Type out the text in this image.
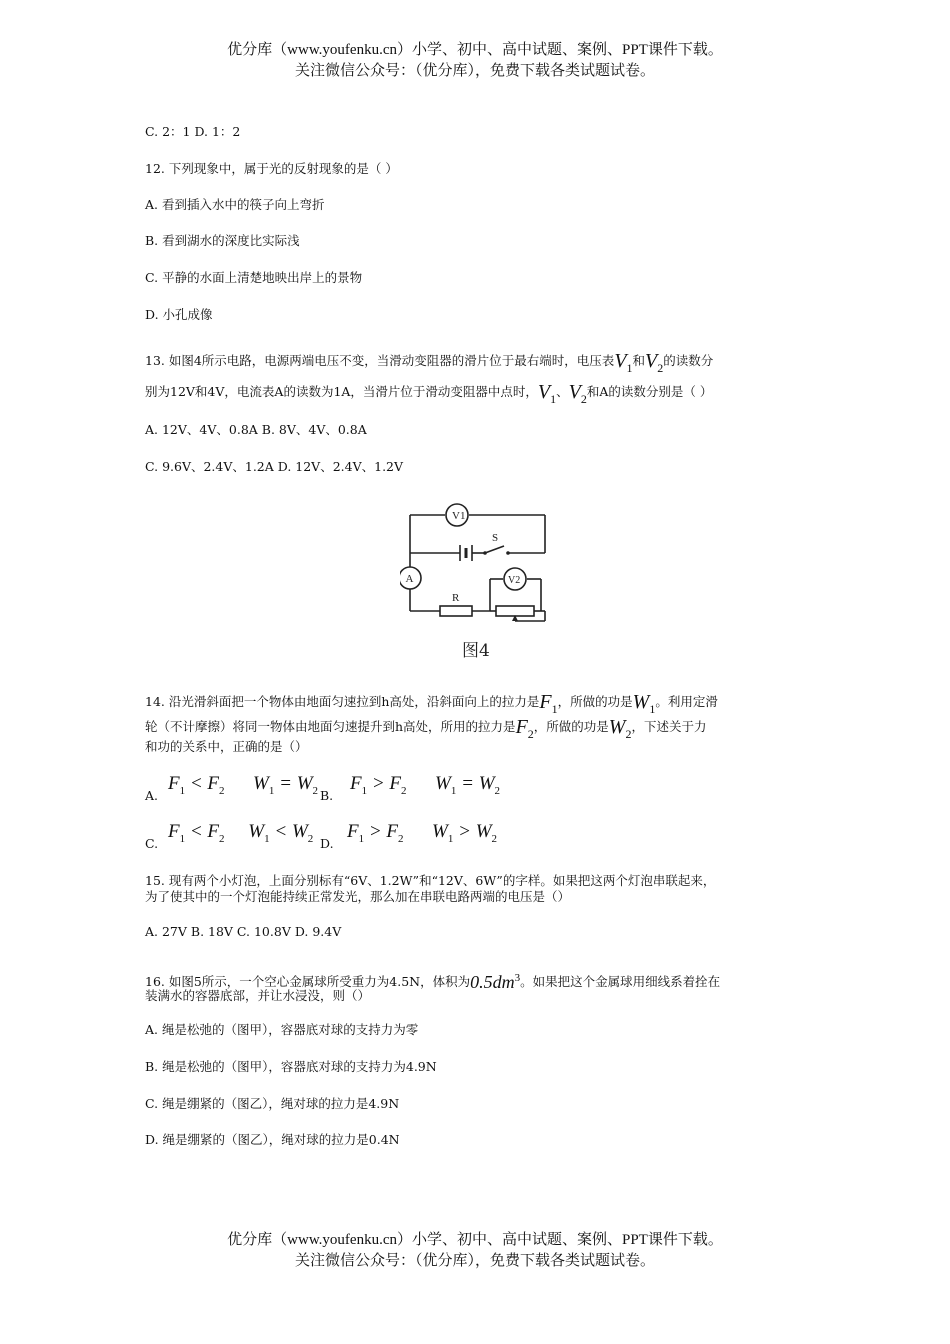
优分库（www.youfenku.cn）小学、初中、高中试题、案例、PPT课件下载。
关注微信公众号：（优分库），免费下载各类试题试卷。
C. 2：1 D. 1：2
12. 下列现象中，属于光的反射现象的是（ ）
A. 看到插入水中的筷子向上弯折
B. 看到湖水的深度比实际浅
C. 平静的水面上清楚地映出岸上的景物
D. 小孔成像
13. 如图4所示电路，电源两端电压不变，当滑动变阻器的滑片位于最右端时，电压表$V_1$和$V_2$的读数分
别为12V和4V，电流表A的读数为1A，当滑片位于滑动变阻器中点时，$V_1$、$V_2$和A的读数分别是（ ）
A. 12V、4V、0.8A B. 8V、4V、0.8A
C. 9.6V、2.4V、1.2A D. 12V、2.4V、1.2V
V1
S
A	V2
R
图4
14. 沿光滑斜面把一个物体由地面匀速拉到h高处，沿斜面向上的拉力是$F_1$，所做的功是$W_1$。利用定滑
轮（不计摩擦）将同一物体由地面匀速提升到h高处，所用的拉力是$F_2$，所做的功是$W_2$，下述关于力
和功的关系中，正确的是（）
A.
$F_1 < F_2$      $W_1 = W_2$ B.
$F_1 > F_2$      $W_1 = W_2$
C.
$F_1 < F_2$     $W_1 < W_2$ D.
$F_1 > F_2$      $W_1 > W_2$
15. 现有两个小灯泡，上面分别标有“6V、1.2W”和“12V、6W”的字样。如果把这两个灯泡串联起来，
为了使其中的一个灯泡能持续正常发光，那么加在串联电路两端的电压是（）
A. 27V B. 18V C. 10.8V D. 9.4V
16. 如图5所示，一个空心金属球所受重力为4.5N，体积为$0.5dm^3$。如果把这个金属球用细线系着拴在
装满水的容器底部，并让水浸没，则（）
A. 绳是松弛的（图甲），容器底对球的支持力为零
B. 绳是松弛的（图甲），容器底对球的支持力为4.9N
C. 绳是绷紧的（图乙），绳对球的拉力是4.9N
D. 绳是绷紧的（图乙），绳对球的拉力是0.4N
优分库（www.youfenku.cn）小学、初中、高中试题、案例、PPT课件下载。
关注微信公众号：（优分库），免费下载各类试题试卷。
